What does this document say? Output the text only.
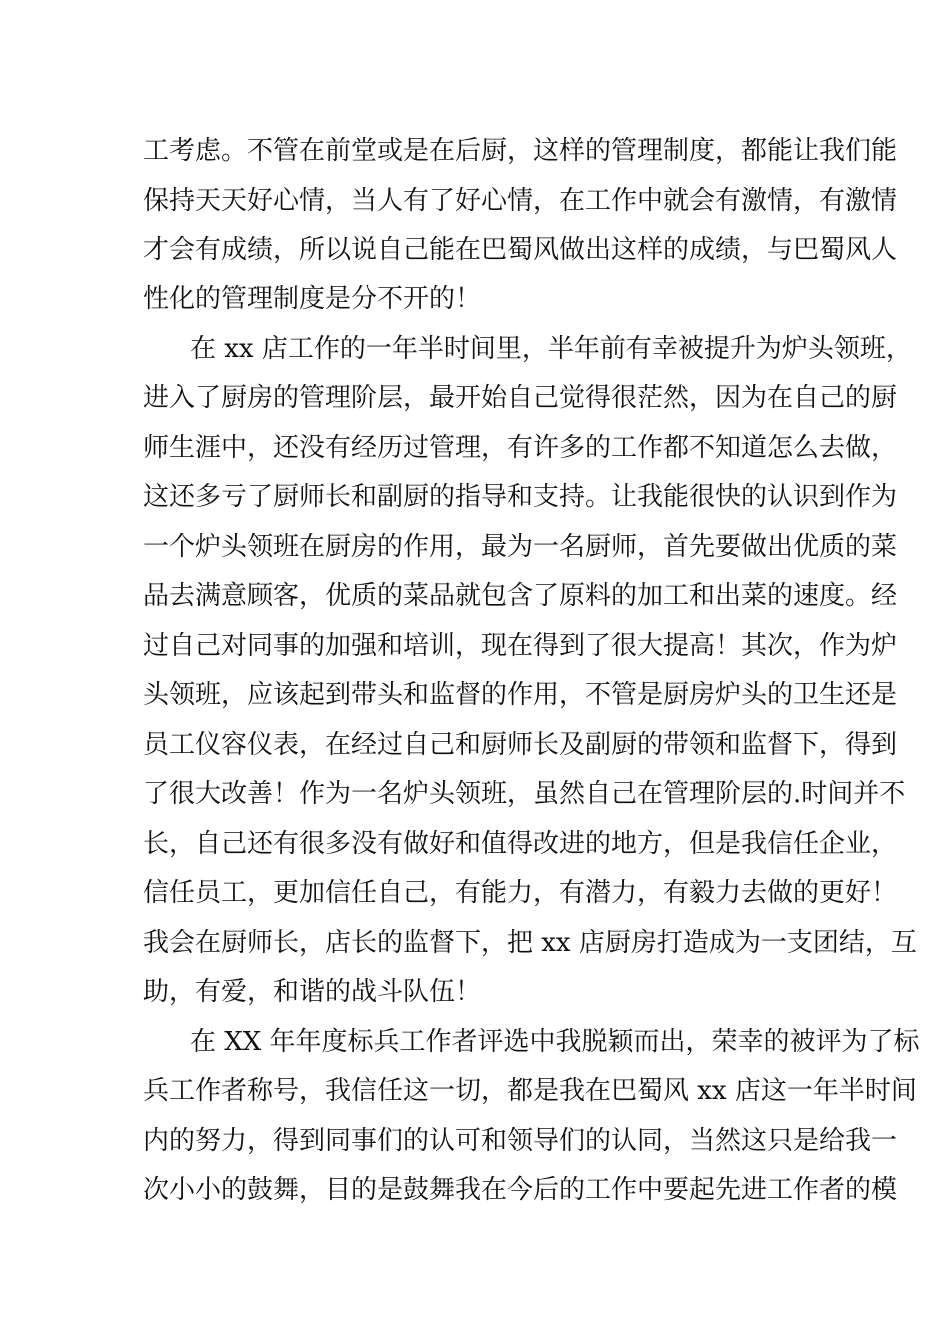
工考虑。不管在前堂或是在后厨，这样的管理制度，都能让我们能
保持天天好心情，当人有了好心情，在工作中就会有激情，有激情
才会有成绩，所以说自己能在巴蜀风做出这样的成绩，与巴蜀风人
性化的管理制度是分不开的！
在 xx 店工作的一年半时间里，半年前有幸被提升为炉头领班，
进入了厨房的管理阶层，最开始自己觉得很茫然，因为在自己的厨
师生涯中，还没有经历过管理，有许多的工作都不知道怎么去做，
这还多亏了厨师长和副厨的指导和支持。让我能很快的认识到作为
一个炉头领班在厨房的作用，最为一名厨师，首先要做出优质的菜
品去满意顾客，优质的菜品就包含了原料的加工和出菜的速度。经
过自己对同事的加强和培训，现在得到了很大提高！其次，作为炉
头领班，应该起到带头和监督的作用，不管是厨房炉头的卫生还是
员工仪容仪表，在经过自己和厨师长及副厨的带领和监督下，得到
了很大改善！作为一名炉头领班，虽然自己在管理阶层的.时间并不
长，自己还有很多没有做好和值得改进的地方，但是我信任企业，
信任员工，更加信任自己，有能力，有潜力，有毅力去做的更好！
我会在厨师长，店长的监督下，把 xx 店厨房打造成为一支团结，互
助，有爱，和谐的战斗队伍！
在 XX 年年度标兵工作者评选中我脱颖而出，荣幸的被评为了标
兵工作者称号，我信任这一切，都是我在巴蜀风 xx 店这一年半时间
内的努力，得到同事们的认可和领导们的认同，当然这只是给我一
次小小的鼓舞，目的是鼓舞我在今后的工作中要起先进工作者的模
